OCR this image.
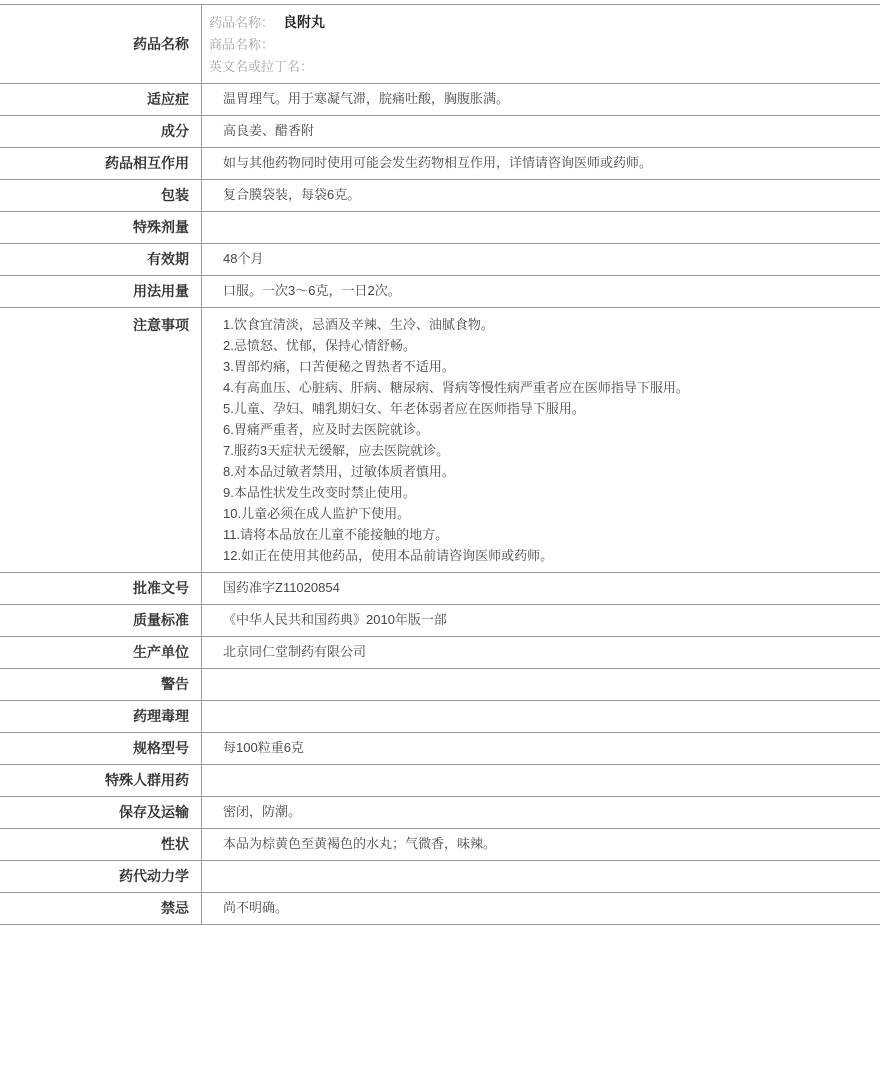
药品名称
药品名称： 良附丸
商品名称：
英文名或拉丁名：
适应症	温胃理气。用于寒凝气滞，脘痛吐酸，胸腹胀满。
成分	高良姜、醋香附
药品相互作用	如与其他药物同时使用可能会发生药物相互作用，详情请咨询医师或药师。
包装	复合膜袋装，每袋6克。
特殊剂量
有效期	48个月
用法用量	口服。一次3～6克，一日2次。
注意事项	1.饮食宜清淡，忌酒及辛辣、生冷、油腻食物。
2.忌愤怒、忧郁，保持心情舒畅。
3.胃部灼痛，口苦便秘之胃热者不适用。
4.有高血压、心脏病、肝病、糖尿病、肾病等慢性病严重者应在医师指导下服用。
5.儿童、孕妇、哺乳期妇女、年老体弱者应在医师指导下服用。
6.胃痛严重者，应及时去医院就诊。
7.服药3天症状无缓解，应去医院就诊。
8.对本品过敏者禁用，过敏体质者慎用。
9.本品性状发生改变时禁止使用。
10.儿童必须在成人监护下使用。
11.请将本品放在儿童不能接触的地方。
12.如正在使用其他药品，使用本品前请咨询医师或药师。
批准文号	国药准字Z11020854
质量标准	《中华人民共和国药典》2010年版一部
生产单位	北京同仁堂制药有限公司
警告
药理毒理
规格型号	每100粒重6克
特殊人群用药
保存及运输	密闭，防潮。
性状	本品为棕黄色至黄褐色的水丸；气微香，味辣。
药代动力学
禁忌	尚不明确。
